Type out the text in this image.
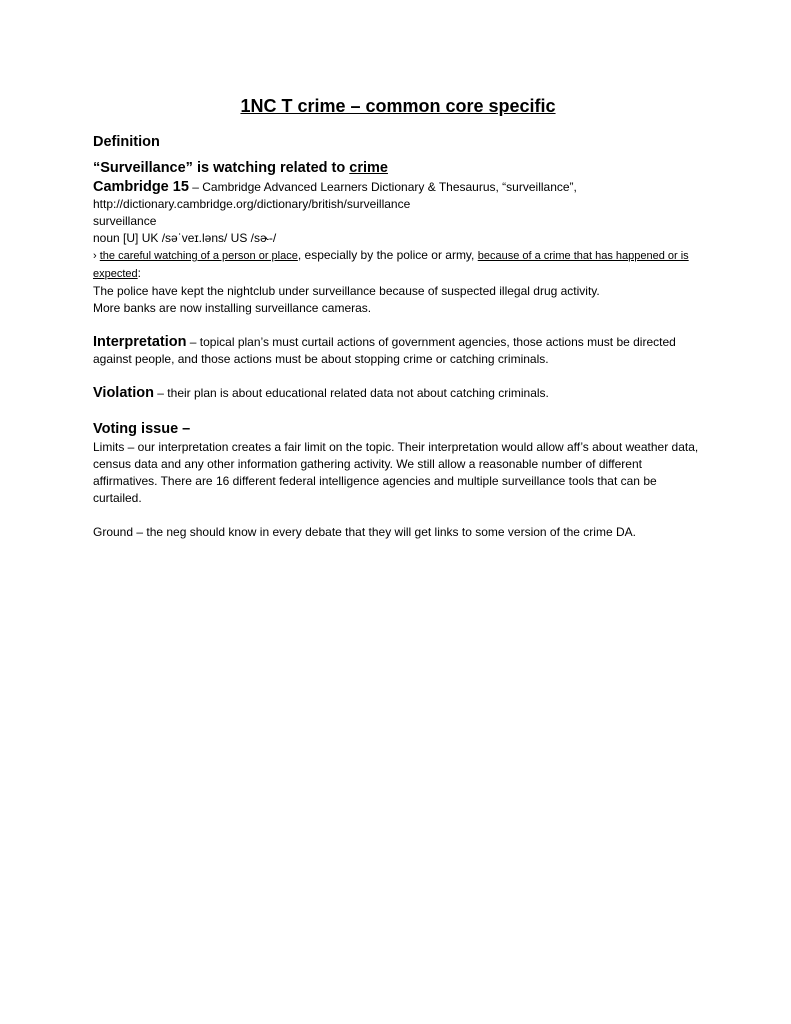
1NC T crime – common core specific
Definition
“Surveillance” is watching related to crime

Cambridge 15 – Cambridge Advanced Learners Dictionary & Thesaurus, “surveillance”,

http://dictionary.cambridge.org/dictionary/british/surveillance

surveillance

noun [U] UK /səˈveɪ.ləns/ US /sɚ-/

› the careful watching of a person or place, especially by the police or army, because of a crime that has happened or is expected:

The police have kept the nightclub under surveillance because of suspected illegal drug activity.

More banks are now installing surveillance cameras.

Interpretation – topical plan’s must curtail actions of government agencies, those actions must be directed against people, and those actions must be about stopping crime or catching criminals.

Violation – their plan is about educational related data not about catching criminals.

Voting issue –

Limits – our interpretation creates a fair limit on the topic. Their interpretation would allow aff’s about weather data, census data and any other information gathering activity. We still allow a reasonable number of different affirmatives. There are 16 different federal intelligence agencies and multiple surveillance tools that can be curtailed.

Ground – the neg should know in every debate that they will get links to some version of the crime DA.
